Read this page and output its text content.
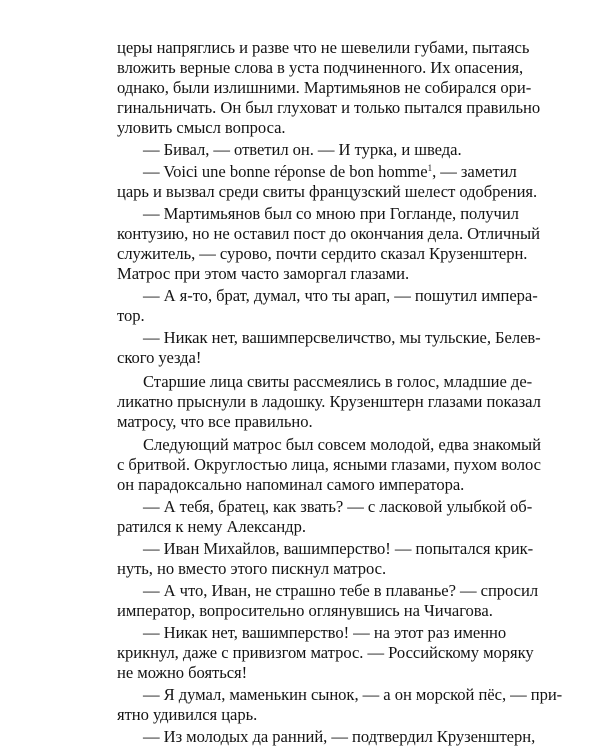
церы напряглись и разве что не шевелили губами, пытаясь
вложить верные слова в уста подчиненного. Их опасения,
однако, были излишними. Мартимьянов не собирался ори-
гинальничать. Он был глуховат и только пытался правильно
уловить смысл вопроса.
— Бивал, — ответил он. — И турка, и шведа.
— Voici une bonne réponse de bon homme$^1$, — заметил
царь и вызвал среди свиты французский шелест одобрения.
— Мартимьянов был со мною при Гогланде, получил
контузию, но не оставил пост до окончания дела. Отличный
служитель, — сурово, почти сердито сказал Крузенштерн.
Матрос при этом часто заморгал глазами.
— А я-то, брат, думал, что ты арап, — пошутил импера-
тор.
— Никак нет, вашимперсвеличство, мы тульские, Белев-
ского уезда!
Старшие лица свиты рассмеялись в голос, младшие де-
ликатно прыснули в ладошку. Крузенштерн глазами показал
матросу, что все правильно.
Следующий матрос был совсем молодой, едва знакомый
с бритвой. Округлостью лица, ясными глазами, пухом волос
он парадоксально напоминал самого императора.
— А тебя, братец, как звать? — с ласковой улыбкой об-
ратился к нему Александр.
— Иван Михайлов, вашимперство! — попытался крик-
нуть, но вместо этого пискнул матрос.
— А что, Иван, не страшно тебе в плаванье? — спросил
император, вопросительно оглянувшись на Чичагова.
— Никак нет, вашимперство! — на этот раз именно
крикнул, даже с привизгом матрос. — Российскому моряку
не можно бояться!
— Я думал, маменькин сынок, — а он морской пёс, — при-
ятно удивился царь.
— Из молодых да ранний, — подтвердил Крузенштерн,
